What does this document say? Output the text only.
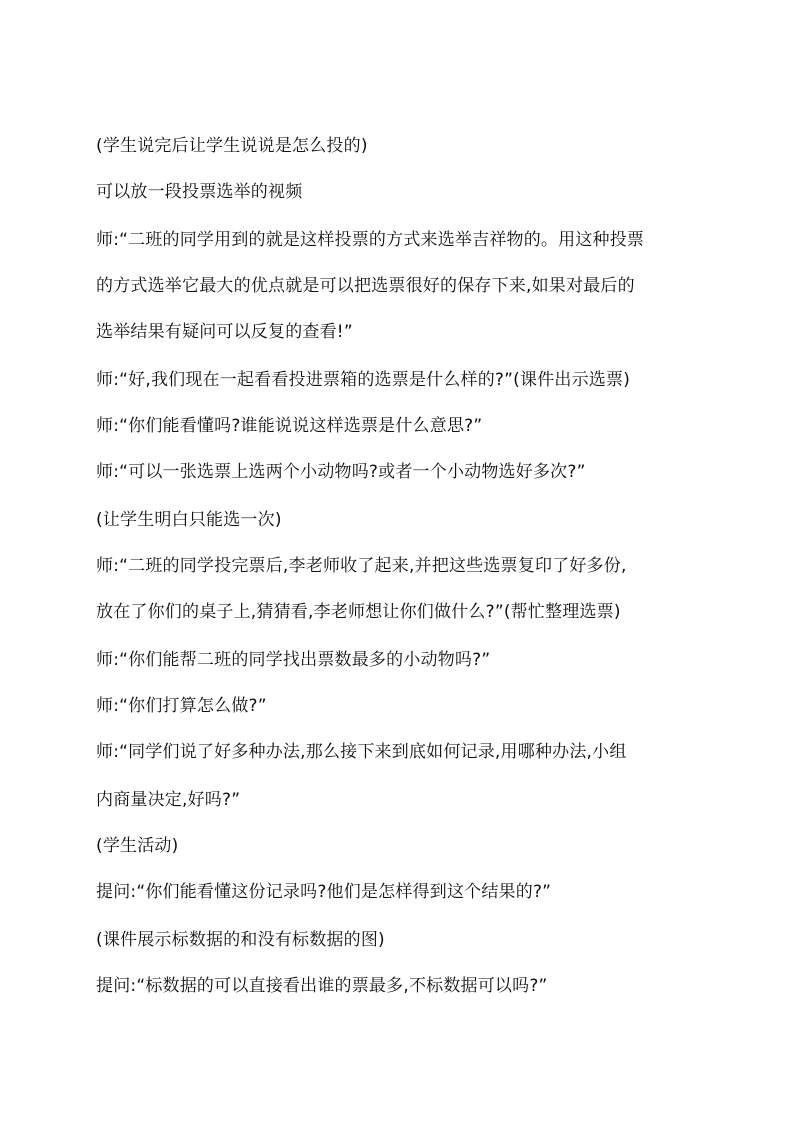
(学生说完后让学生说说是怎么投的)
可以放一段投票选举的视频
师:“二班的同学用到的就是这样投票的方式来选举吉祥物的。用这种投票
的方式选举它最大的优点就是可以把选票很好的保存下来,如果对最后的
选举结果有疑问可以反复的查看!”
师:“好,我们现在一起看看投进票箱的选票是什么样的?”(课件出示选票)
师:“你们能看懂吗?谁能说说这样选票是什么意思?”
师:“可以一张选票上选两个小动物吗?或者一个小动物选好多次?”
(让学生明白只能选一次)
师:“二班的同学投完票后,李老师收了起来,并把这些选票复印了好多份,
放在了你们的桌子上,猜猜看,李老师想让你们做什么?”(帮忙整理选票)
师:“你们能帮二班的同学找出票数最多的小动物吗?”
师:“你们打算怎么做?”
师:“同学们说了好多种办法,那么接下来到底如何记录,用哪种办法,小组
内商量决定,好吗?”
(学生活动)
提问:“你们能看懂这份记录吗?他们是怎样得到这个结果的?”
(课件展示标数据的和没有标数据的图)
提问:“标数据的可以直接看出谁的票最多,不标数据可以吗?”
